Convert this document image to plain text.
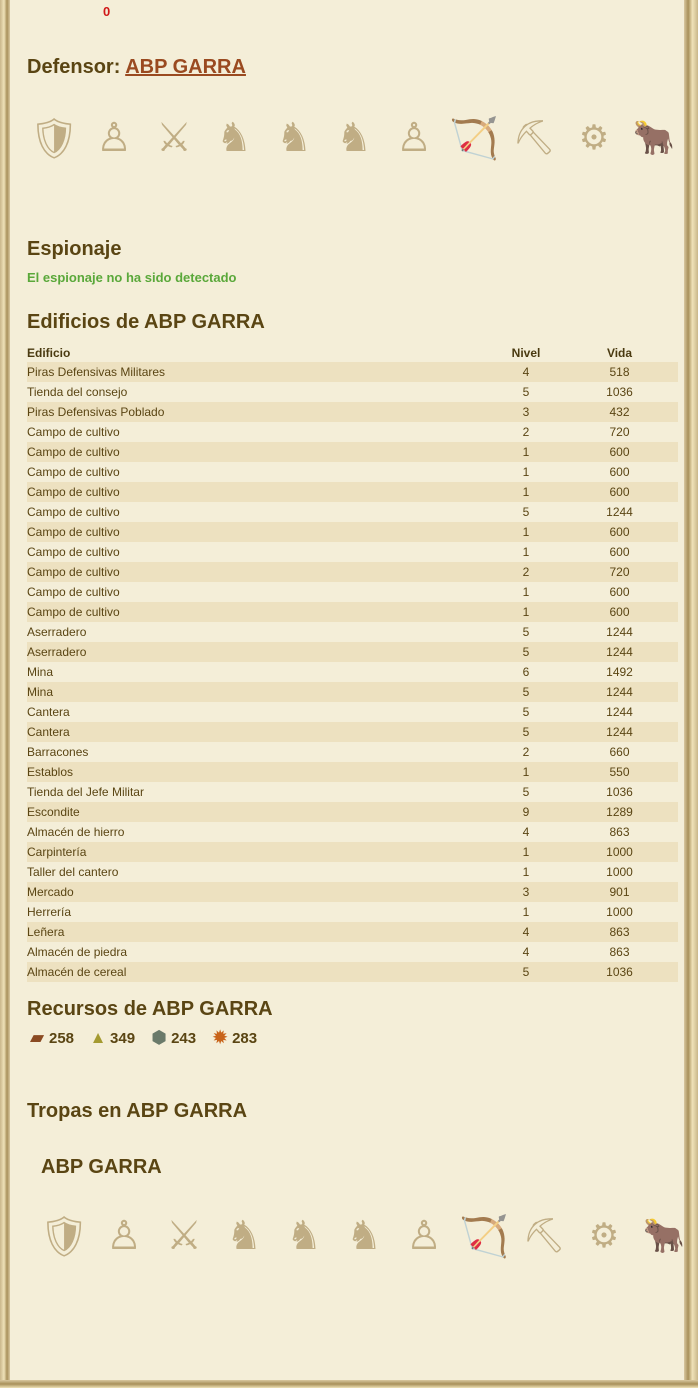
0
Defensor: ABP GARRA
🛡 ♙ ⚔ ♞ ♞ ♞ ♙ 🏹 ⛏ ⚙ 🐂
Espionaje
El espionaje no ha sido detectado
Edificios de ABP GARRA
Edificio	Nivel	Vida
Piras Defensivas Militares	4	518
Tienda del consejo	5	1036
Piras Defensivas Poblado	3	432
Campo de cultivo	2	720
Campo de cultivo	1	600
Campo de cultivo	1	600
Campo de cultivo	1	600
Campo de cultivo	5	1244
Campo de cultivo	1	600
Campo de cultivo	1	600
Campo de cultivo	2	720
Campo de cultivo	1	600
Campo de cultivo	1	600
Aserradero	5	1244
Aserradero	5	1244
Mina	6	1492
Mina	5	1244
Cantera	5	1244
Cantera	5	1244
Barracones	2	660
Establos	1	550
Tienda del Jefe Militar	5	1036
Escondite	9	1289
Almacén de hierro	4	863
Carpintería	1	1000
Taller del cantero	1	1000
Mercado	3	901
Herrería	1	1000
Leñera	4	863
Almacén de piedra	4	863
Almacén de cereal	5	1036
Recursos de ABP GARRA
▰ 258 ▲ 349 ⬢ 243 ✹ 283
Tropas en ABP GARRA
ABP GARRA
🛡 ♙ ⚔ ♞ ♞ ♞ ♙ 🏹 ⛏ ⚙ 🐂
